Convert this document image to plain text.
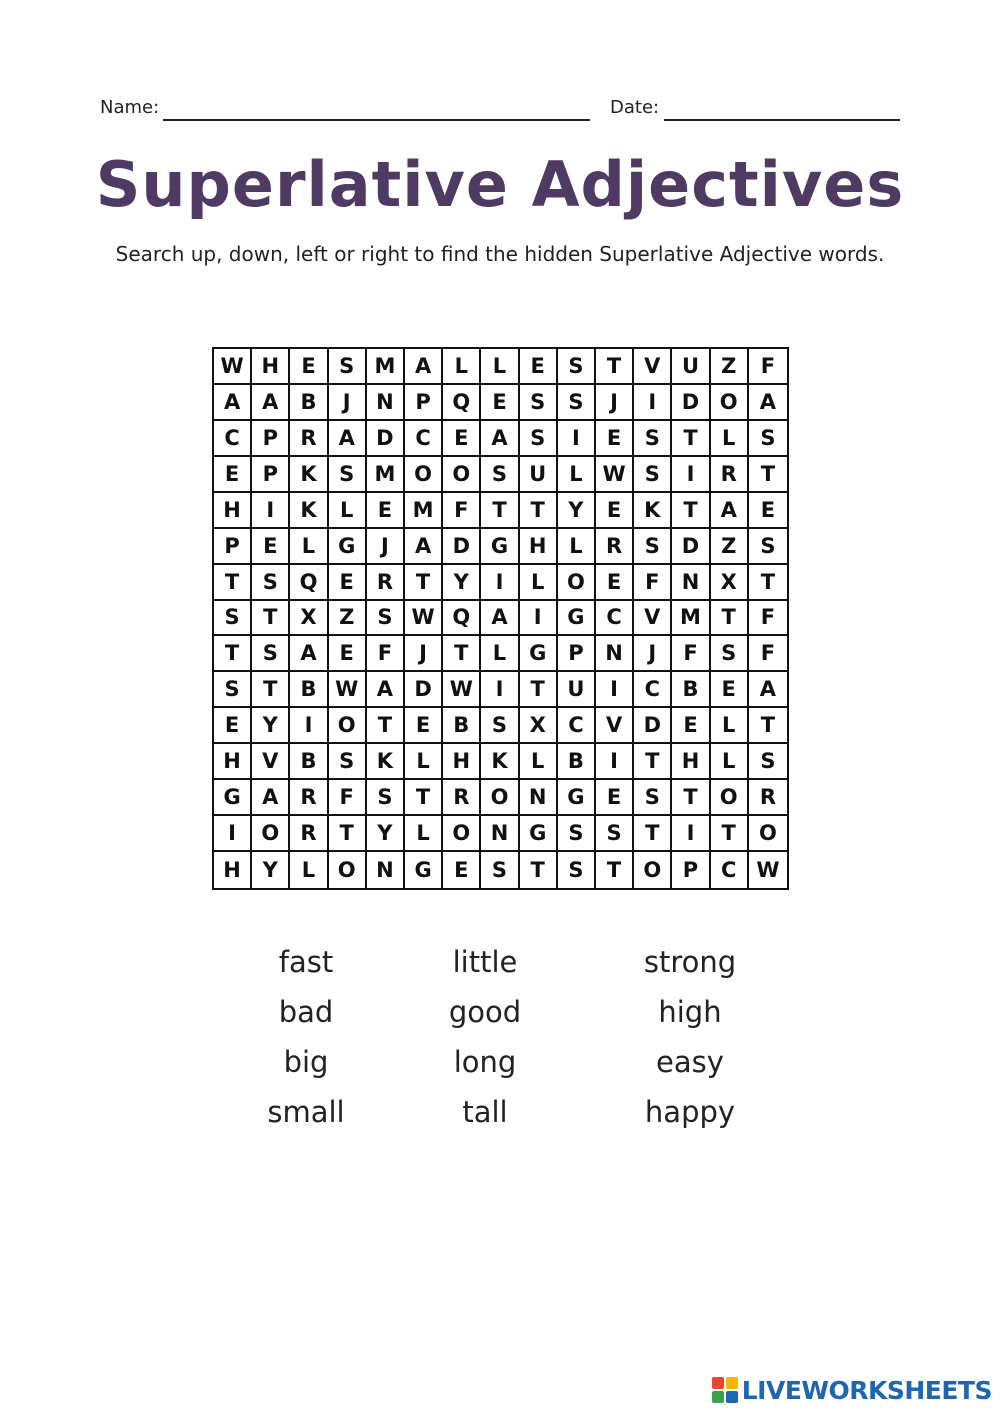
Name:	Date:
Superlative Adjectives
Search up, down, left or right to find the hidden Superlative Adjective words.
W H	E	S M A	L	L	E	S	T	V	U	Z	F
A	A	B	J	N	P	Q	E	S	S	J	I	D O	A
C	P	R	A	D	C	E	A	S	I	E	S	T	L	S
E	P	K	S M O O	S	U	L W S	I	R	T
H	I	K	L	E M F	T	T	Y	E	K	T	A	E
P	E	L	G	J	A	D G H	L	R	S	D	Z	S
T	S	Q	E	R	T	Y	I	L	O	E	F	N	X	T
S	T	X	Z	S W Q	A	I	G	C	V M T	F
T	S	A	E	F	J	T	L	G	P	N	J	F	S	F
S	T	B W A	D W	I	T	U	I	C	B	E	A
E	Y	I	O	T	E	B	S	X	C	V	D	E	L	T
H	V	B	S	K	L	H	K	L	B	I	T	H	L	S
G	A	R	F	S	T	R	O N G	E	S	T	O	R
I	O	R	T	Y	L	O N G	S	S	T	I	T	O
H	Y	L	O N G	E	S	T	S	T	O	P	C W
fast	little	strong
bad	good	high
big	long	easy
small	tall	happy
LIVEWORKSHEETS
